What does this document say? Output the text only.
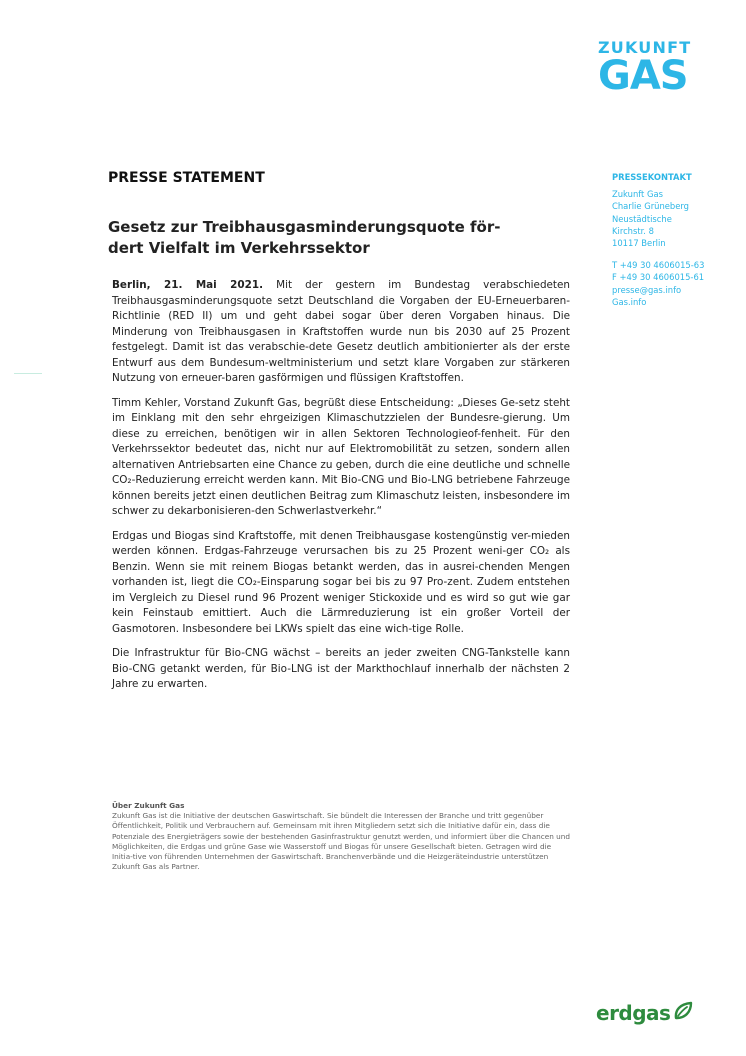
ZUKUNFT
GAS
PRESSEKONTAKT
Zukunft Gas
Charlie Grüneberg
Neustädtische
Kirchstr. 8
10117 Berlin
T +49 30 4606015-63
F +49 30 4606015-61
presse@gas.info
Gas.info
PRESSE STATEMENT
Gesetz zur Treibhausgasminderungsquote för-dert Vielfalt im Verkehrssektor

Berlin, 21. Mai 2021. Mit der gestern im Bundestag verabschiedeten Treibhausgasminderungsquote setzt Deutschland die Vorgaben der EU-Erneuerbaren-Richtlinie (RED II) um und geht dabei sogar über deren Vorgaben hinaus. Die Minderung von Treibhausgasen in Kraftstoffen wurde nun bis 2030 auf 25 Prozent festgelegt. Damit ist das verabschie-dete Gesetz deutlich ambitionierter als der erste Entwurf aus dem Bundesum-weltministerium und setzt klare Vorgaben zur stärkeren Nutzung von erneuer-baren gasförmigen und flüssigen Kraftstoffen.

Timm Kehler, Vorstand Zukunft Gas, begrüßt diese Entscheidung: „Dieses Ge-setz steht im Einklang mit den sehr ehrgeizigen Klimaschutzzielen der Bundesre-gierung. Um diese zu erreichen, benötigen wir in allen Sektoren Technologieof-fenheit. Für den Verkehrssektor bedeutet das, nicht nur auf Elektromobilität zu setzen, sondern allen alternativen Antriebsarten eine Chance zu geben, durch die eine deutliche und schnelle CO₂-Reduzierung erreicht werden kann. Mit Bio-CNG und Bio-LNG betriebene Fahrzeuge können bereits jetzt einen deutlichen Beitrag zum Klimaschutz leisten, insbesondere im schwer zu dekarbonisieren-den Schwerlastverkehr.“

Erdgas und Biogas sind Kraftstoffe, mit denen Treibhausgase kostengünstig ver-mieden werden können. Erdgas-Fahrzeuge verursachen bis zu 25 Prozent weni-ger CO₂ als Benzin. Wenn sie mit reinem Biogas betankt werden, das in ausrei-chenden Mengen vorhanden ist, liegt die CO₂-Einsparung sogar bei bis zu 97 Pro-zent. Zudem entstehen im Vergleich zu Diesel rund 96 Prozent weniger Stickoxide und es wird so gut wie gar kein Feinstaub emittiert. Auch die Lärmreduzierung ist ein großer Vorteil der Gasmotoren. Insbesondere bei LKWs spielt das eine wich-tige Rolle.

Die Infrastruktur für Bio-CNG wächst – bereits an jeder zweiten CNG-Tankstelle kann Bio-CNG getankt werden, für Bio-LNG ist der Markthochlauf innerhalb der nächsten 2 Jahre zu erwarten.

Über Zukunft Gas
Zukunft Gas ist die Initiative der deutschen Gaswirtschaft. Sie bündelt die Interessen der Branche und tritt gegenüber Öffentlichkeit, Politik und Verbrauchern auf. Gemeinsam mit ihren Mitgliedern setzt sich die Initiative dafür ein, dass die Potenziale des Energieträgers sowie der bestehenden Gasinfrastruktur genutzt werden, und informiert über die Chancen und Möglichkeiten, die Erdgas und grüne Gase wie Wasserstoff und Biogas für unsere Gesellschaft bieten. Getragen wird die Initia-tive von führenden Unternehmen der Gaswirtschaft. Branchenverbände und die Heizgeräteindustrie unterstützen Zukunft Gas als Partner.
erdgas
